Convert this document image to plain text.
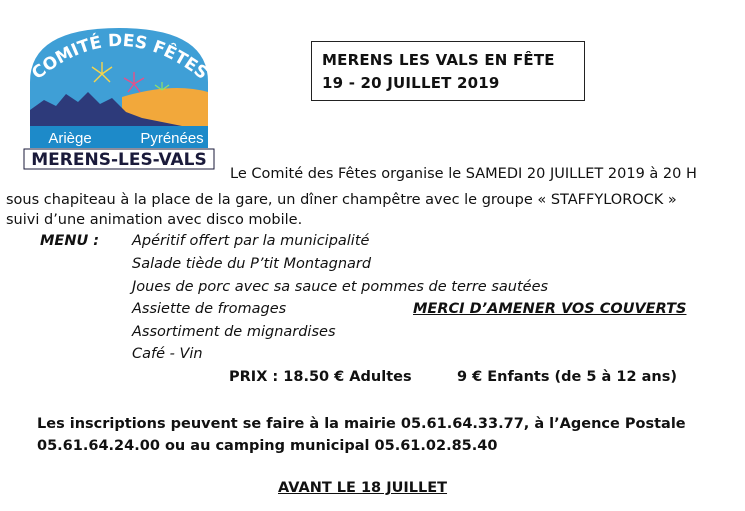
COMITÉ DES FÊTES
Ariège	Pyrénées
MERENS-LES-VALS
MERENS LES VALS EN FÊTE
19 - 20 JUILLET 2019
Le Comité des Fêtes organise le SAMEDI 20 JUILLET 2019 à 20 H
sous chapiteau à la place de la gare, un dîner champêtre avec le groupe « STAFFYLOROCK »
suivi d’une animation avec disco mobile.
MENU : Apéritif offert par la municipalité
Salade tiède du P’tit Montagnard
Joues de porc avec sa sauce et pommes de terre sautées
Assiette de fromages
Assortiment de mignardises
Café - Vin
MERCI D’AMENER VOS COUVERTS
PRIX : 18.50 € Adultes	9 € Enfants (de 5 à 12 ans)
Les inscriptions peuvent se faire à la mairie 05.61.64.33.77, à l’Agence Postale
05.61.64.24.00 ou au camping municipal 05.61.02.85.40
AVANT LE 18 JUILLET
